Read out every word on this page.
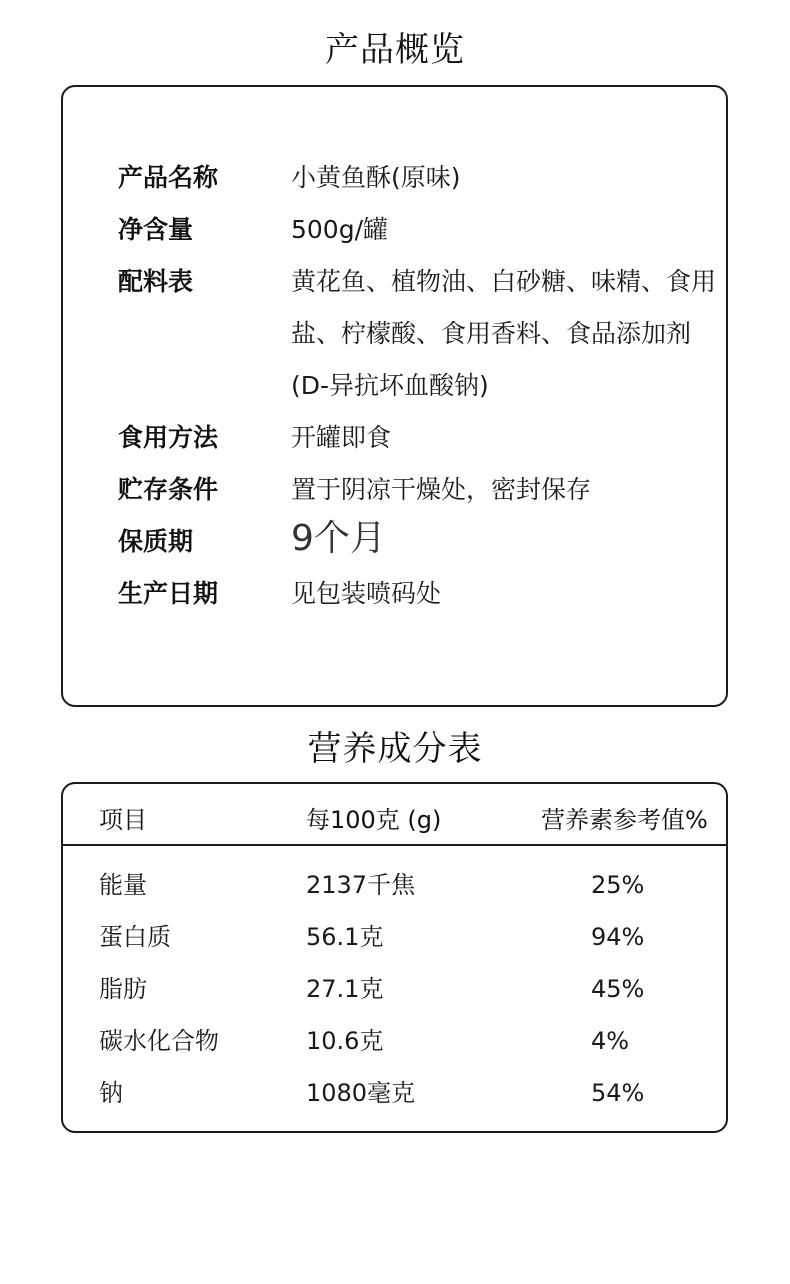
产品概览
产品名称	小黄鱼酥(原味)
净含量	500g/罐
配料表	黄花鱼、植物油、白砂糖、味精、食用盐、柠檬酸、食用香料、食品添加剂(D-异抗坏血酸钠)
食用方法	开罐即食
贮存条件	置于阴凉干燥处，密封保存
保质期	9个月
生产日期	见包装喷码处
营养成分表
项目	每100克 (g)	营养素参考值%
能量	2137千焦	25%
蛋白质	56.1克	94%
脂肪	27.1克	45%
碳水化合物	10.6克	4%
钠	1080毫克	54%
